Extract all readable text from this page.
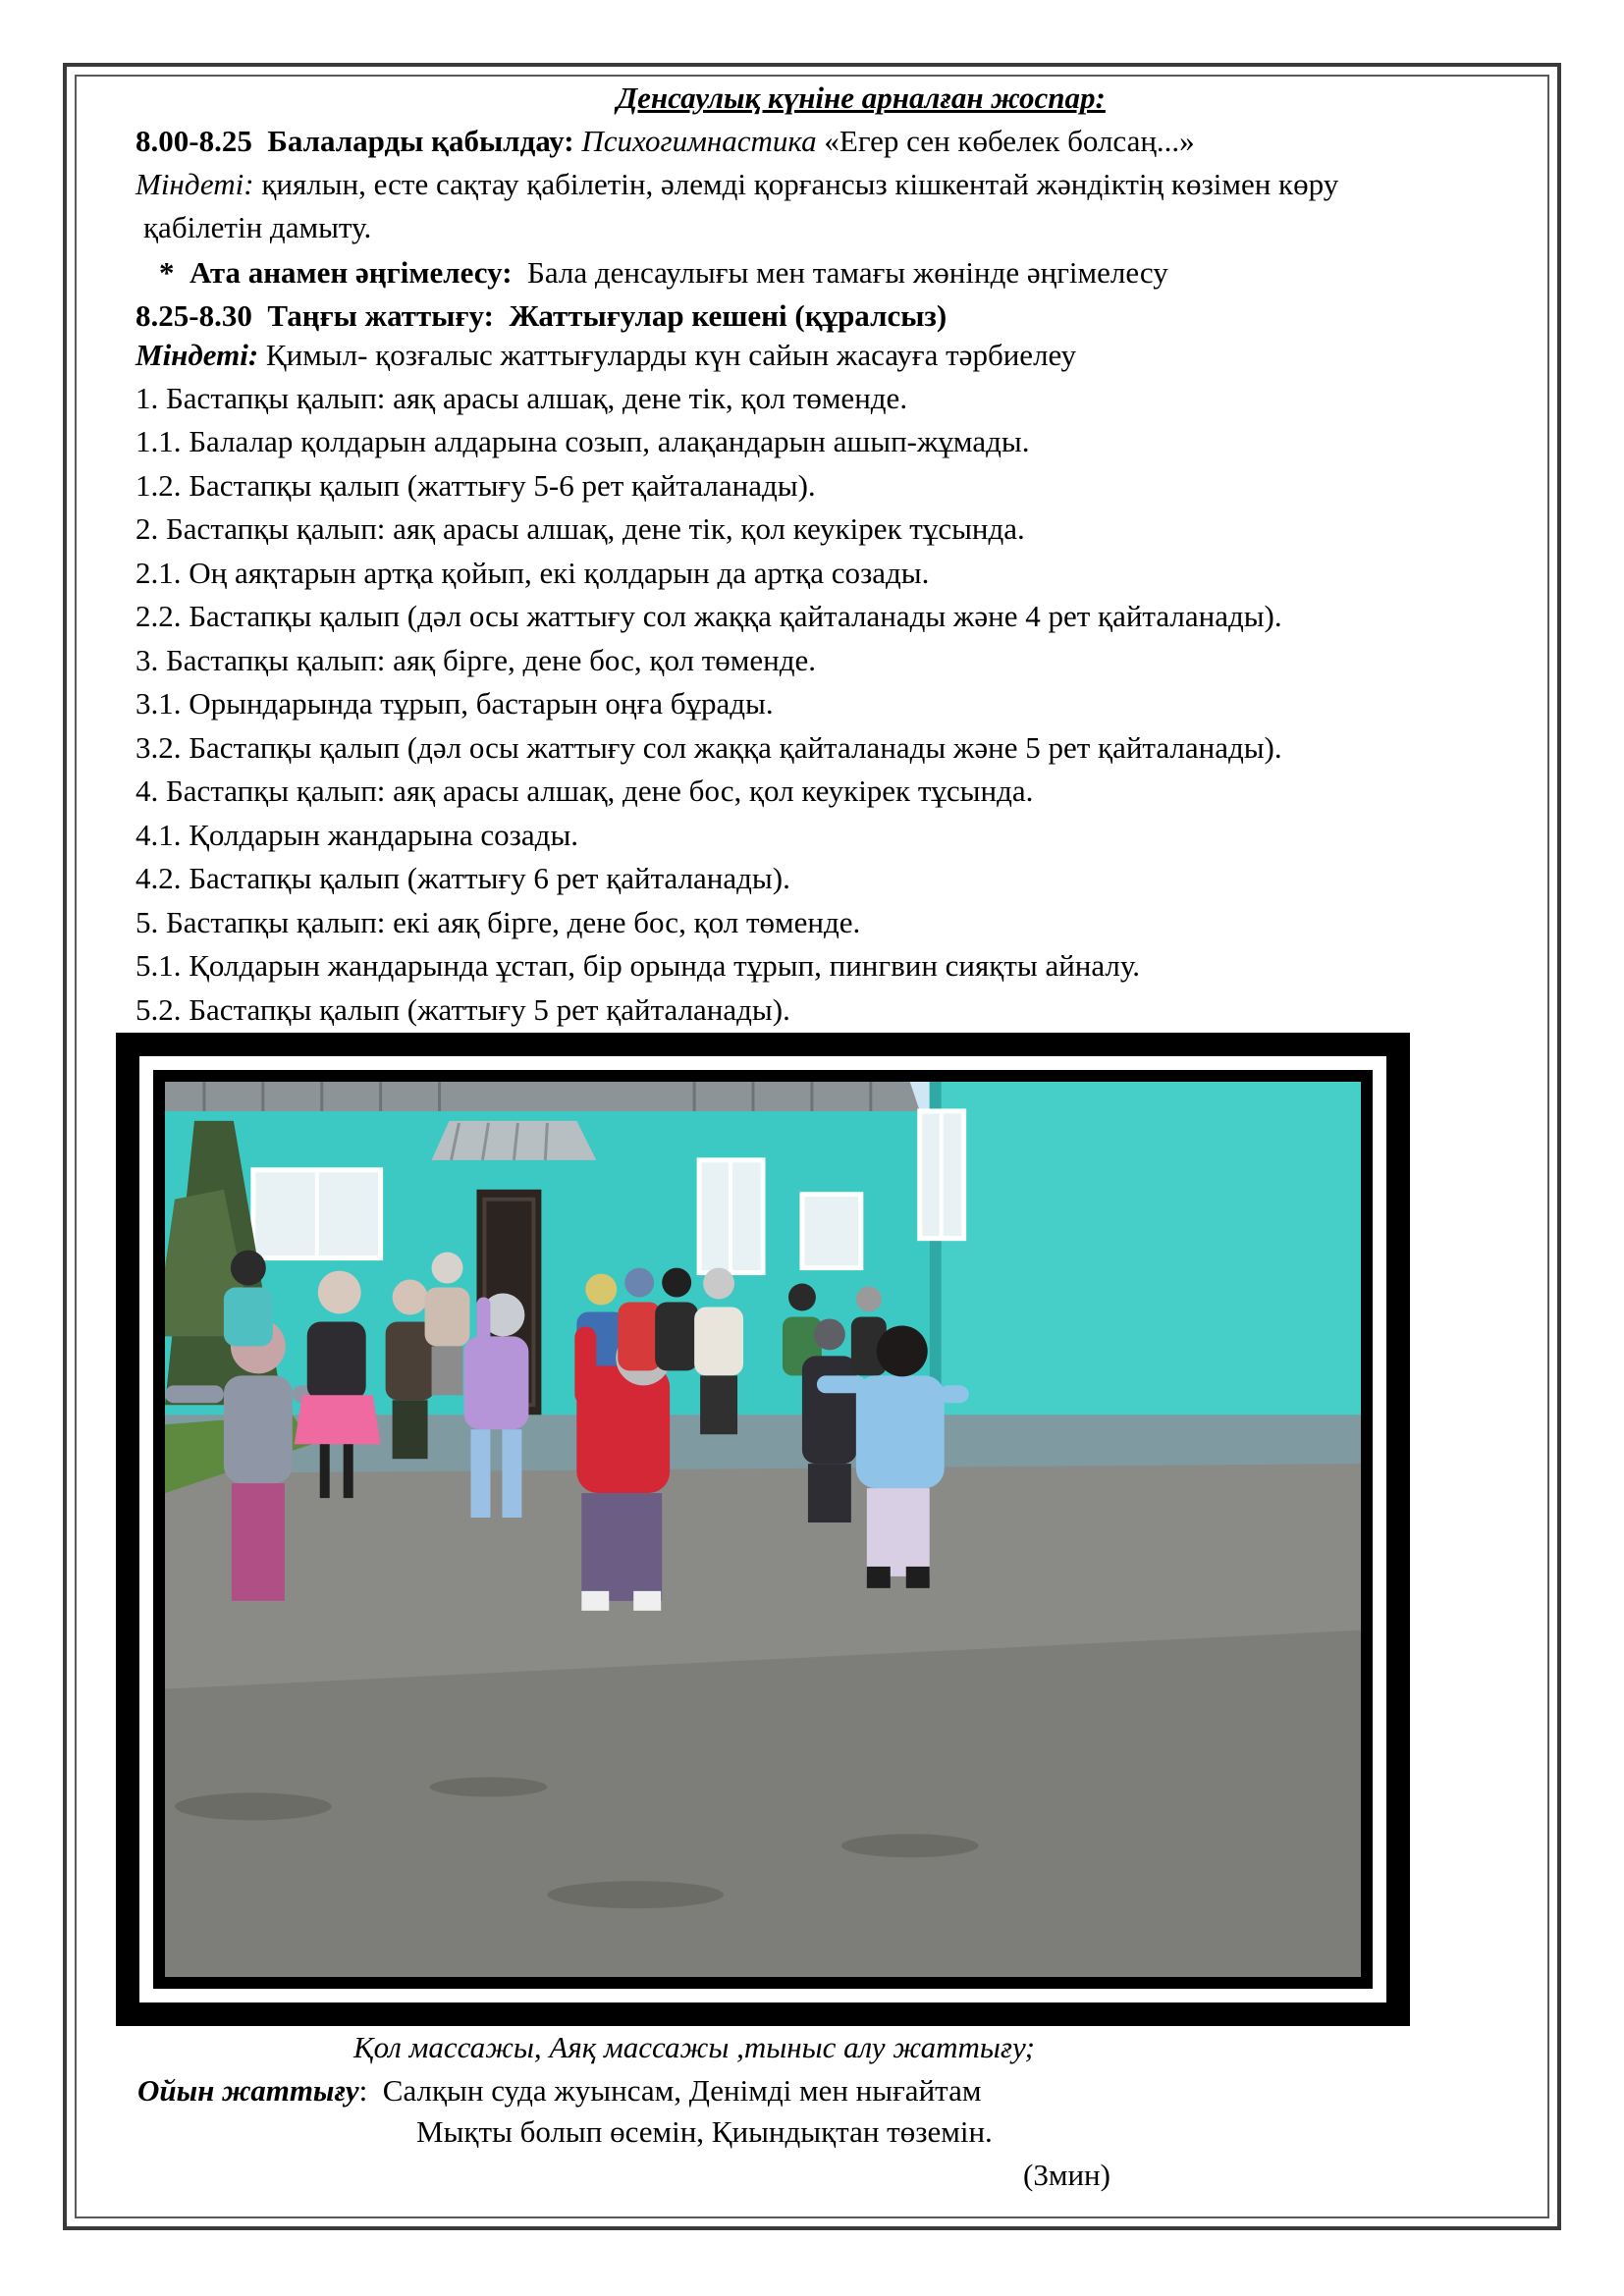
Денсаулық күніне арналған жоспар:
8.00-8.25 Балаларды қабылдау: Психогимнастика «Егер сен көбелек болсаң...»
Міндеті: қиялын, есте сақтау қабілетін, әлемді қорғансыз кішкентай жәндіктің көзімен көру
қабілетін дамыту.
* Ата анамен әңгімелесу: Бала денсаулығы мен тамағы жөнінде әңгімелесу
8.25-8.30 Таңғы жаттығу: Жаттығулар кешені (құралсыз)
Міндеті: Қимыл- қозғалыс жаттығуларды күн сайын жасауға тәрбиелеу
1. Бастапқы қалып: аяқ арасы алшақ, дене тік, қол төменде.
1.1. Балалар қолдарын алдарына созып, алақандарын ашып-жұмады.
1.2. Бастапқы қалып (жаттығу 5-6 рет қайталанады).
2. Бастапқы қалып: аяқ арасы алшақ, дене тік, қол кеукірек тұсында.
2.1. Оң аяқтарын артқа қойып, екі қолдарын да артқа созады.
2.2. Бастапқы қалып (дәл осы жаттығу сол жаққа қайталанады және 4 рет қайталанады).
3. Бастапқы қалып: аяқ бірге, дене бос, қол төменде.
3.1. Орындарында тұрып, бастарын оңға бұрады.
3.2. Бастапқы қалып (дәл осы жаттығу сол жаққа қайталанады және 5 рет қайталанады).
4. Бастапқы қалып: аяқ арасы алшақ, дене бос, қол кеукірек тұсында.
4.1. Қолдарын жандарына созады.
4.2. Бастапқы қалып (жаттығу 6 рет қайталанады).
5. Бастапқы қалып: екі аяқ бірге, дене бос, қол төменде.
5.1. Қолдарын жандарында ұстап, бір орында тұрып, пингвин сияқты айналу.
5.2. Бастапқы қалып (жаттығу 5 рет қайталанады).
Қол массажы, Аяқ массажы ,тыныс алу жаттығу;
Ойын жаттығу: Салқын суда жуынсам, Денімді мен нығайтам
Мықты болып өсемін, Қиындықтан төземін.
(3мин)
